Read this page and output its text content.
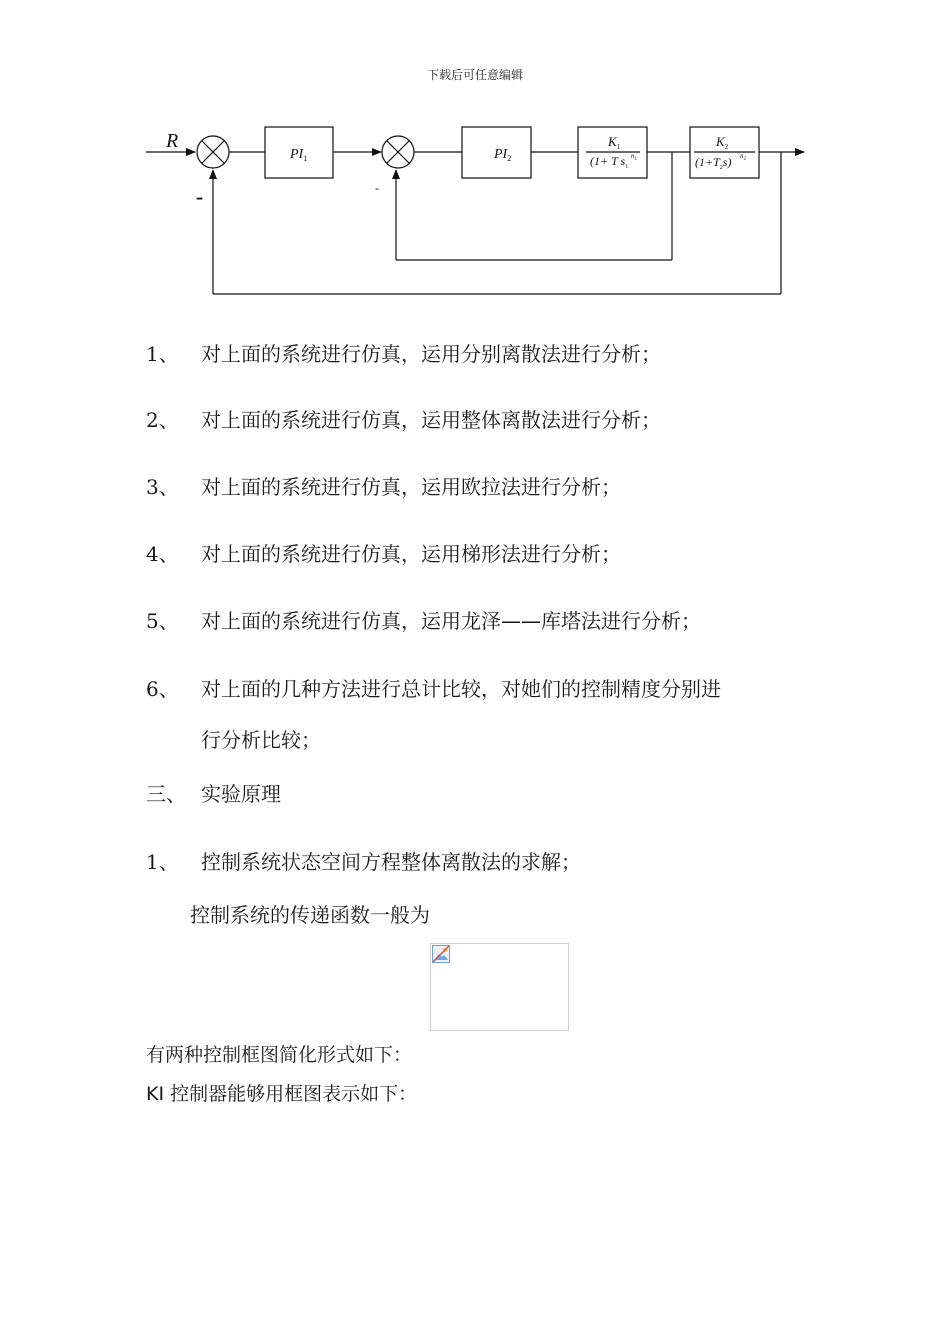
下载后可任意编辑
R
-	-
$PI_1$	$PI_2$
$K_1$
(1+ T $s_1$
$n_1$
$K_2$
$(1+T_2s)$ $n_2$
1、 对上面的系统进行仿真，运用分别离散法进行分析；
2、 对上面的系统进行仿真，运用整体离散法进行分析；
3、 对上面的系统进行仿真，运用欧拉法进行分析；
4、 对上面的系统进行仿真，运用梯形法进行分析；
5、 对上面的系统进行仿真，运用龙泽——库塔法进行分析；
6、 对上面的几种方法进行总计比较，对她们的控制精度分别进
行分析比较；
三、 实验原理
1、 控制系统状态空间方程整体离散法的求解；
控制系统的传递函数一般为
有两种控制框图简化形式如下：
KI 控制器能够用框图表示如下：
